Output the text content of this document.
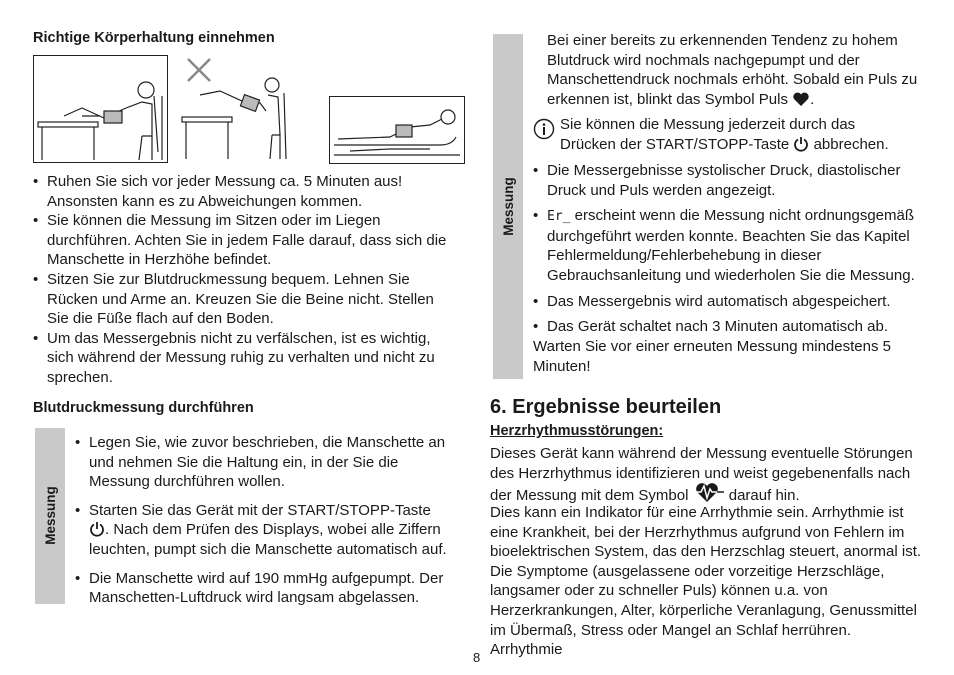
Richtige Körperhaltung einnehmen
• Ruhen Sie sich vor jeder Messung ca. 5 Minuten aus! Ansonsten kann es zu Abweichungen kommen.
• Sie können die Messung im Sitzen oder im Liegen durchführen. Achten Sie in jedem Falle darauf, dass sich die Manschette in Herzhöhe befindet.
• Sitzen Sie zur Blutdruckmessung bequem. Lehnen Sie Rücken und Arme an. Kreuzen Sie die Beine nicht. Stellen Sie die Füße flach auf den Boden.
• Um das Messergebnis nicht zu verfälschen, ist es wichtig, sich während der Messung ruhig zu verhalten und nicht zu sprechen.
Blutdruckmessung durchführen
Messung
• Legen Sie, wie zuvor beschrieben, die Manschette an und nehmen Sie die Haltung ein, in der Sie die Messung durchführen wollen.
• Starten Sie das Gerät mit der START/STOPP-Taste
. Nach dem Prüfen des Displays, wobei alle Ziffern leuchten, pumpt sich die Manschette automatisch auf.
• Die Manschette wird auf 190 mmHg aufgepumpt. Der Manschetten-Luftdruck wird langsam abgelassen.
Messung
Bei einer bereits zu erkennenden Tendenz zu hohem Blutdruck wird nochmals nachgepumpt und der Manschettendruck nochmals erhöht. Sobald ein Puls zu erkennen ist, blinkt das Symbol Puls .
Sie können die Messung jederzeit durch das Drücken der START/STOPP-Taste abbrechen.
• Die Messergebnisse systolischer Druck, diastolischer Druck und Puls werden angezeigt.
• Er_ erscheint wenn die Messung nicht ordnungsgemäß durchgeführt werden konnte. Beachten Sie das Kapitel Fehlermeldung/Fehlerbehebung in dieser Gebrauchsanleitung und wiederholen Sie die Messung.
• Das Messergebnis wird automatisch abgespeichert.
• Das Gerät schaltet nach 3 Minuten automatisch ab.
Warten Sie vor einer erneuten Messung mindestens 5 Minuten!
6. Ergebnisse beurteilen
Herzrhythmusstörungen:
Dieses Gerät kann während der Messung eventuelle Störungen des Herzrhythmus identifizieren und weist gegebenenfalls nach der Messung mit dem Symbol	darauf hin.
Dies kann ein Indikator für eine Arrhythmie sein. Arrhythmie ist eine Krankheit, bei der Herzrhythmus aufgrund von Fehlern im bioelektrischen System, das den Herzschlag steuert, anormal ist. Die Symptome (ausgelassene oder vorzeitige Herzschläge, langsamer oder zu schneller Puls) können u.a. von Herzerkrankungen, Alter, körperliche Veranlagung, Genussmittel im Übermaß, Stress oder Mangel an Schlaf herrühren. Arrhythmie
8
